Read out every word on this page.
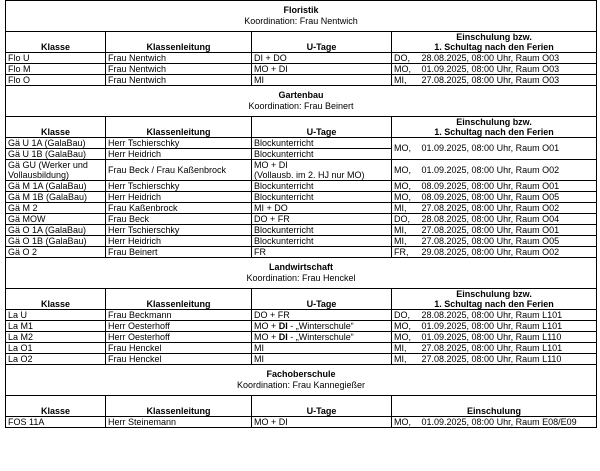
Floristik
Koordination: Frau Nentwich				

Klasse	Klassenleitung	U-Tage	Einschulung bzw.
1. Schultag nach den Ferien	
Flo U	Frau Nentwich	DI + DO	DO,	28.08.2025, 08:00 Uhr, Raum O03
Flo M	Frau Nentwich	MO + DI	MO,	01.09.2025, 08:00 Uhr, Raum O03
Flo O	Frau Nentwich	MI	MI,	27.08.2025, 08:00 Uhr, Raum O03

Gartenbau
Koordination: Frau Beinert				

Klasse	Klassenleitung	U-Tage	Einschulung bzw.
1. Schultag nach den Ferien	
Gä U 1A (GalaBau)	Herr Tschierschky	Blockunterricht	MO,	01.09.2025, 08:00 Uhr, Raum O01
Gä U 1B (GalaBau)	Herr Heidrich	Blockunterricht		
Gä GU (Werker und
Vollausbildung)	Frau Beck / Frau Kaßenbrock	MO + DI
(Vollausb. im 2. HJ nur MO)	MO,	01.09.2025, 08:00 Uhr, Raum O02
Gä M 1A (GalaBau)	Herr Tschierschky	Blockunterricht	MO,	08.09.2025, 08:00 Uhr, Raum O01
Gä M 1B (GalaBau)	Herr Heidrich	Blockunterricht	MO,	08.09.2025, 08:00 Uhr, Raum O05
Gä M 2	Frau Kaßenbrock	MI + DO	MI,	27.08.2025, 08:00 Uhr, Raum O02
Gä MOW	Frau Beck	DO + FR	DO,	28.08.2025, 08:00 Uhr, Raum O04
Gä O 1A (GalaBau)	Herr Tschierschky	Blockunterricht	MI,	27.08.2025, 08:00 Uhr, Raum O01
Gä O 1B (GalaBau)	Herr Heidrich	Blockunterricht	MI,	27.08.2025, 08:00 Uhr, Raum O05
Gä O 2	Frau Beinert	FR	FR,	29.08.2025, 08:00 Uhr, Raum O02

Landwirtschaft
Koordination: Frau Henckel				

Klasse	Klassenleitung	U-Tage	Einschulung bzw.
1. Schultag nach den Ferien	
La U	Frau Beckmann	DO + FR	DO,	28.08.2025, 08:00 Uhr, Raum L101
La M1	Herr Oesterhoff	MO + DI - „Winterschule“	MO,	01.09.2025, 08:00 Uhr, Raum L101
La M2	Herr Oesterhoff	MO + DI - „Winterschule“	MO,	01.09.2025, 08:00 Uhr, Raum L110
La O1	Frau Henckel	MI	MI,	27.08.2025, 08:00 Uhr, Raum L101
La O2	Frau Henckel	MI	MI,	27.08.2025, 08:00 Uhr, Raum L110

Fachoberschule
Koordination: Frau Kannegießer				

Klasse	Klassenleitung	U-Tage	Einschulung	
FOS 11A	Herr Steinemann	MO + DI	MO,	01.09.2025, 08:00 Uhr, Raum E08/E09
